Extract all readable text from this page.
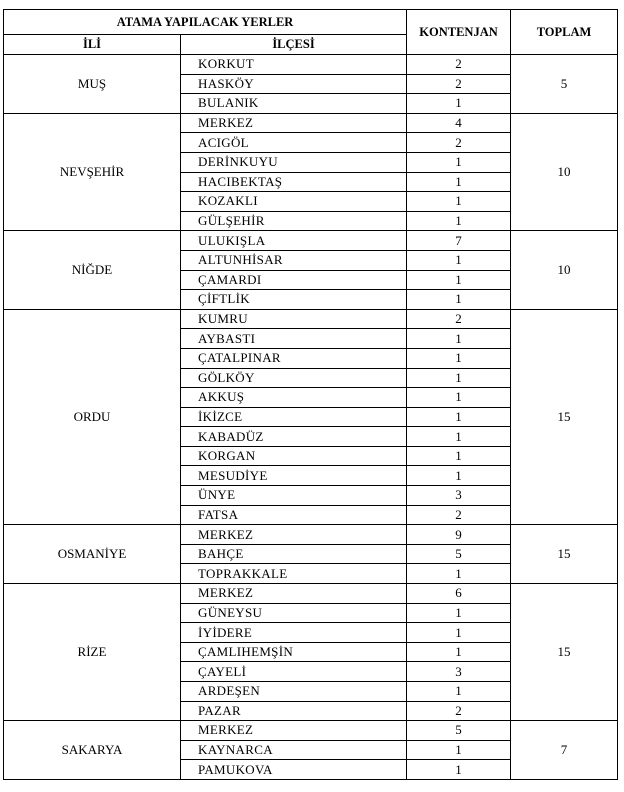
ATAMA YAPILACAK YERLER		KONTENJAN	TOPLAM
İLİ	İLÇESİ		
MUŞ	KORKUT	2	5
	HASKÖY	2	
	BULANIK	1	
NEVŞEHİR	MERKEZ	4	10
	ACIGÖL	2	
	DERİNKUYU	1	
	HACIBEKTAŞ	1	
	KOZAKLI	1	
	GÜLŞEHİR	1	
NİĞDE	ULUKIŞLA	7	10
	ALTUNHİSAR	1	
	ÇAMARDI	1	
	ÇİFTLİK	1	
ORDU	KUMRU	2	15
	AYBASTI	1	
	ÇATALPINAR	1	
	GÖLKÖY	1	
	AKKUŞ	1	
	İKİZCE	1	
	KABADÜZ	1	
	KORGAN	1	
	MESUDİYE	1	
	ÜNYE	3	
	FATSA	2	
OSMANİYE	MERKEZ	9	15
	BAHÇE	5	
	TOPRAKKALE	1	
RİZE	MERKEZ	6	15
	GÜNEYSU	1	
	İYİDERE	1	
	ÇAMLIHEMŞİN	1	
	ÇAYELİ	3	
	ARDEŞEN	1	
	PAZAR	2	
SAKARYA	MERKEZ	5	7
	KAYNARCA	1	
	PAMUKOVA	1	
